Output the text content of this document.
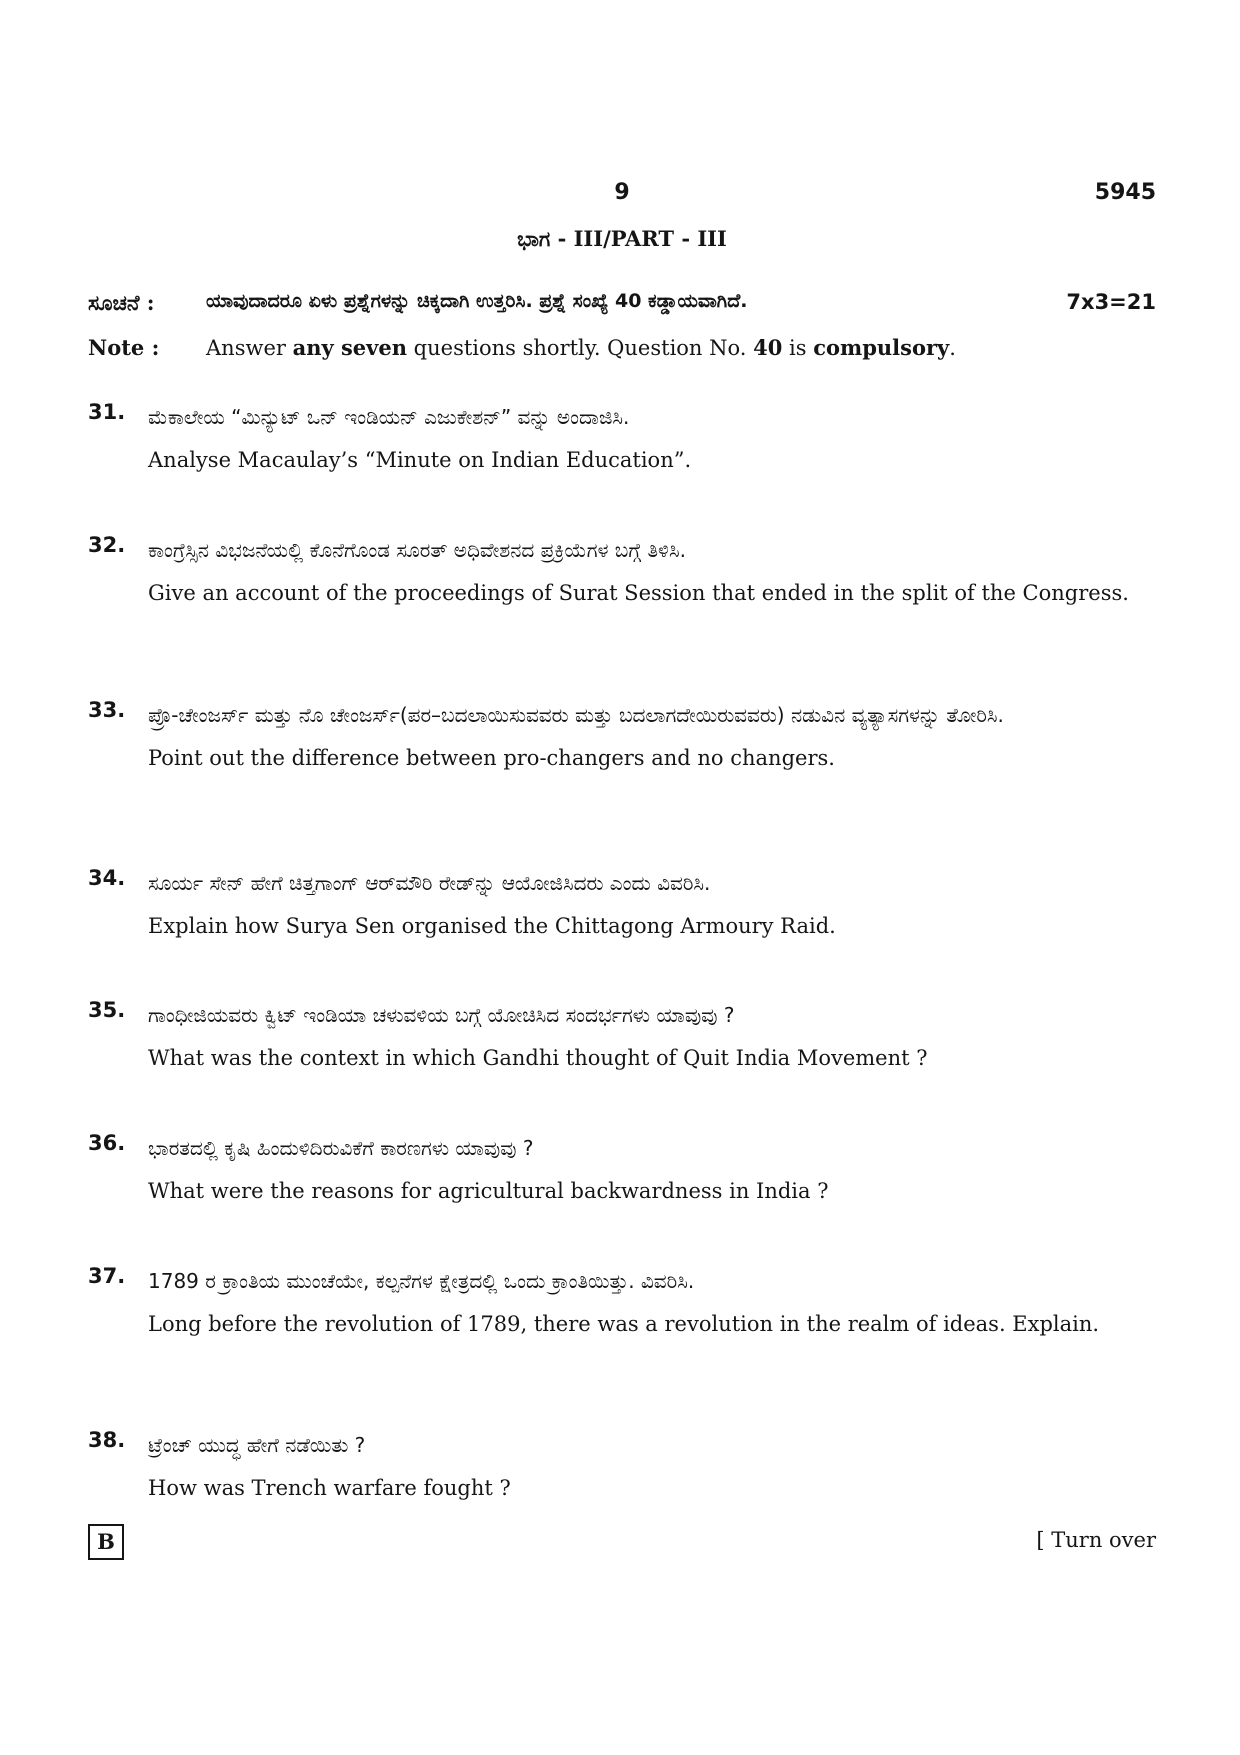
9	5945
ಭಾಗ - III/PART - III
ಸೂಚನೆ :	ಯಾವುದಾದರೂ ಏಳು ಪ್ರಶ್ನೆಗಳನ್ನು ಚಿಕ್ಕದಾಗಿ ಉತ್ತರಿಸಿ. ಪ್ರಶ್ನೆ ಸಂಖ್ಯೆ 40 ಕಡ್ಡಾಯವಾಗಿದೆ.	7x3=21
Note : Answer any seven questions shortly. Question No. 40 is compulsory.
31. ಮೆಕಾಲೇಯ “ಮಿನ್ಯುಟ್ ಒನ್ ಇಂಡಿಯನ್ ಎಜುಕೇಶನ್” ವನ್ನು ಅಂದಾಜಿಸಿ.
Analyse Macaulay’s “Minute on Indian Education”.
32. ಕಾಂಗ್ರೆಸ್ಸಿನ ವಿಭಜನೆಯಲ್ಲಿ ಕೊನೆಗೊಂಡ ಸೂರತ್ ಅಧಿವೇಶನದ ಪ್ರಕ್ರಿಯೆಗಳ ಬಗ್ಗೆ ತಿಳಿಸಿ.
Give an account of the proceedings of Surat Session that ended in the split of the Congress.
33. ಪ್ರೊ-ಚೇಂಜರ್ಸ್ ಮತ್ತು ನೊ ಚೇಂಜರ್ಸ್(ಪರ–ಬದಲಾಯಿಸುವವರು ಮತ್ತು ಬದಲಾಗದೇಯಿರುವವರು) ನಡುವಿನ ವ್ಯತ್ಯಾಸಗಳನ್ನು ತೋರಿಸಿ.
Point out the difference between pro-changers and no changers.
34. ಸೂರ್ಯ ಸೇನ್ ಹೇಗೆ ಚಿತ್ತಗಾಂಗ್ ಆರ್‌ಮೌರಿ ರೇಡ್‌ನ್ನು ಆಯೋಜಿಸಿದರು ಎಂದು ವಿವರಿಸಿ.
Explain how Surya Sen organised the Chittagong Armoury Raid.
35. ಗಾಂಧೀಜಿಯವರು ಕ್ವಿಟ್ ಇಂಡಿಯಾ ಚಳುವಳಿಯ ಬಗ್ಗೆ ಯೋಚಿಸಿದ ಸಂದರ್ಭಗಳು ಯಾವುವು ?
What was the context in which Gandhi thought of Quit India Movement ?
36. ಭಾರತದಲ್ಲಿ ಕೃಷಿ ಹಿಂದುಳಿದಿರುವಿಕೆಗೆ ಕಾರಣಗಳು ಯಾವುವು ?
What were the reasons for agricultural backwardness in India ?
37. 1789 ರ ಕ್ರಾಂತಿಯ ಮುಂಚೆಯೇ, ಕಲ್ಪನೆಗಳ ಕ್ಷೇತ್ರದಲ್ಲಿ ಒಂದು ಕ್ರಾಂತಿಯಿತ್ತು. ವಿವರಿಸಿ.
Long before the revolution of 1789, there was a revolution in the realm of ideas. Explain.
38. ಟ್ರೆಂಚ್ ಯುದ್ಧ ಹೇಗೆ ನಡೆಯಿತು ?
How was Trench warfare fought ?
B	[ Turn over
